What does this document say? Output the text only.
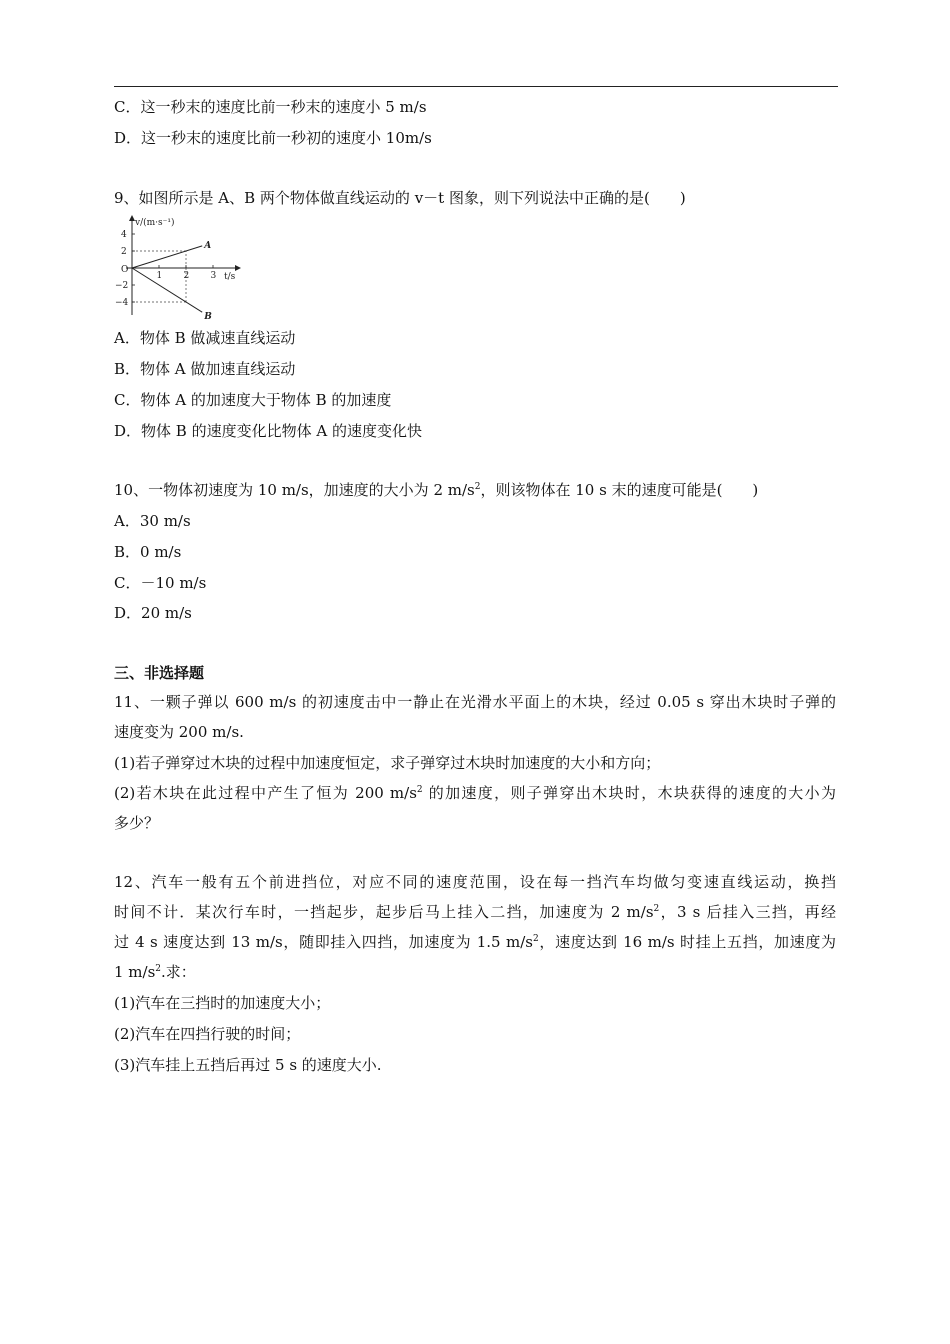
C．这一秒末的速度比前一秒末的速度小 5 m/s
D．这一秒末的速度比前一秒初的速度小 10m/s
9、如图所示是 A、B 两个物体做直线运动的 v－t 图象，则下列说法中正确的是(　　)
v/(m·s⁻¹)
t/s
O
1 2 3
4
2
−2
−4
A
B
A．物体 B 做减速直线运动
B．物体 A 做加速直线运动
C．物体 A 的加速度大于物体 B 的加速度
D．物体 B 的速度变化比物体 A 的速度变化快
10、一物体初速度为 10 m/s，加速度的大小为 2 $m/s^2$，则该物体在 10 s 末的速度可能是(　　)
A．30 m/s
B．0 m/s
C．－10 m/s
D．20 m/s
三、非选择题
11、一颗子弹以 600 m/s 的初速度击中一静止在光滑水平面上的木块，经过 0.05 s 穿出木块时子弹的
速度变为 200 m/s.
(1)若子弹穿过木块的过程中加速度恒定，求子弹穿过木块时加速度的大小和方向；
(2)若木块在此过程中产生了恒为 200 $m/s^2$ 的加速度，则子弹穿出木块时，木块获得的速度的大小为
多少？
12、汽车一般有五个前进挡位，对应不同的速度范围，设在每一挡汽车均做匀变速直线运动，换挡
时间不计．某次行车时，一挡起步，起步后马上挂入二挡，加速度为 2 $m/s^2$，3 s 后挂入三挡，再经
过 4 s 速度达到 13 m/s，随即挂入四挡，加速度为 1.5 $m/s^2$，速度达到 16 m/s 时挂上五挡，加速度为
1 $m/s^2$.求：
(1)汽车在三挡时的加速度大小；
(2)汽车在四挡行驶的时间；
(3)汽车挂上五挡后再过 5 s 的速度大小.
